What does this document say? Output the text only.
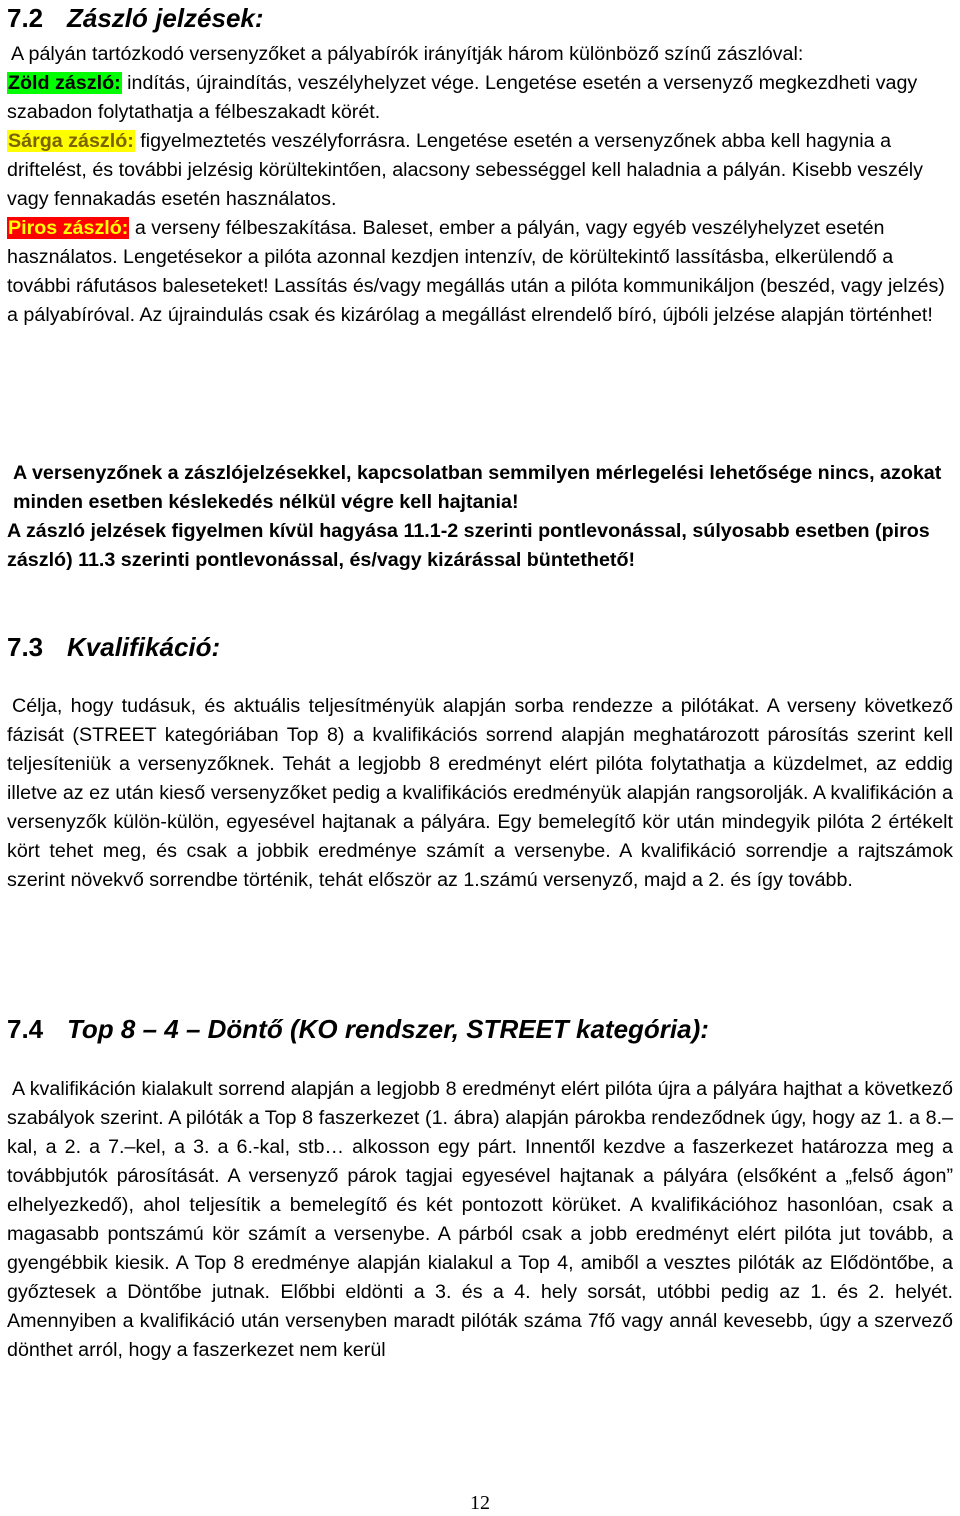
7.2 Zászló jelzések:

A pályán tartózkodó versenyzőket a pályabírók irányítják három különböző színű zászlóval:

Zöld zászló: indítás, újraindítás, veszélyhelyzet vége. Lengetése esetén a versenyző megkezdheti vagy szabadon folytathatja a félbeszakadt körét.

Sárga zászló: figyelmeztetés veszélyforrásra. Lengetése esetén a versenyzőnek abba kell hagynia a driftelést, és további jelzésig körültekintően, alacsony sebességgel kell haladnia a pályán. Kisebb veszély vagy fennakadás esetén használatos.

Piros zászló: a verseny félbeszakítása. Baleset, ember a pályán, vagy egyéb veszélyhelyzet esetén használatos. Lengetésekor a pilóta azonnal kezdjen intenzív, de körültekintő lassításba, elkerülendő a további ráfutásos baleseteket! Lassítás és/vagy megállás után a pilóta kommunikáljon (beszéd, vagy jelzés) a pályabíróval. Az újraindulás csak és kizárólag a megállást elrendelő bíró, újbóli jelzése alapján történhet!

A versenyzőnek a zászlójelzésekkel, kapcsolatban semmilyen mérlegelési lehetősége nincs, azokat minden esetben késlekedés nélkül végre kell hajtania!

A zászló jelzések figyelmen kívül hagyása 11.1-2 szerinti pontlevonással, súlyosabb esetben (piros zászló) 11.3 szerinti pontlevonással, és/vagy kizárással büntethető!

7.3 Kvalifikáció:

Célja, hogy tudásuk, és aktuális teljesítményük alapján sorba rendezze a pilótákat. A verseny következő fázisát (STREET kategóriában Top 8) a kvalifikációs sorrend alapján meghatározott párosítás szerint kell teljesíteniük a versenyzőknek. Tehát a legjobb 8 eredményt elért pilóta folytathatja a küzdelmet, az eddig illetve az ez után kieső versenyzőket pedig a kvalifikációs eredményük alapján rangsorolják. A kvalifikáción a versenyzők külön-külön, egyesével hajtanak a pályára. Egy bemelegítő kör után mindegyik pilóta 2 értékelt kört tehet meg, és csak a jobbik eredménye számít a versenybe. A kvalifikáció sorrendje a rajtszámok szerint növekvő sorrendbe történik, tehát először az 1.számú versenyző, majd a 2. és így tovább.

7.4 Top 8 – 4 – Döntő (KO rendszer, STREET kategória):

A kvalifikáción kialakult sorrend alapján a legjobb 8 eredményt elért pilóta újra a pályára hajthat a következő szabályok szerint. A pilóták a Top 8 faszerkezet (1. ábra) alapján párokba rendeződnek úgy, hogy az 1. a 8.–kal, a 2. a 7.–kel, a 3. a 6.-kal, stb… alkosson egy párt. Innentől kezdve a faszerkezet határozza meg a továbbjutók párosítását. A versenyző párok tagjai egyesével hajtanak a pályára (elsőként a „felső ágon” elhelyezkedő), ahol teljesítik a bemelegítő és két pontozott körüket. A kvalifikációhoz hasonlóan, csak a magasabb pontszámú kör számít a versenybe. A párból csak a jobb eredményt elért pilóta jut tovább, a gyengébbik kiesik. A Top 8 eredménye alapján kialakul a Top 4, amiből a vesztes pilóták az Elődöntőbe, a győztesek a Döntőbe jutnak. Előbbi eldönti a 3. és a 4. hely sorsát, utóbbi pedig az 1. és 2. helyét. Amennyiben a kvalifikáció után versenyben maradt pilóták száma 7fő vagy annál kevesebb, úgy a szervező dönthet arról, hogy a faszerkezet nem kerül

12
